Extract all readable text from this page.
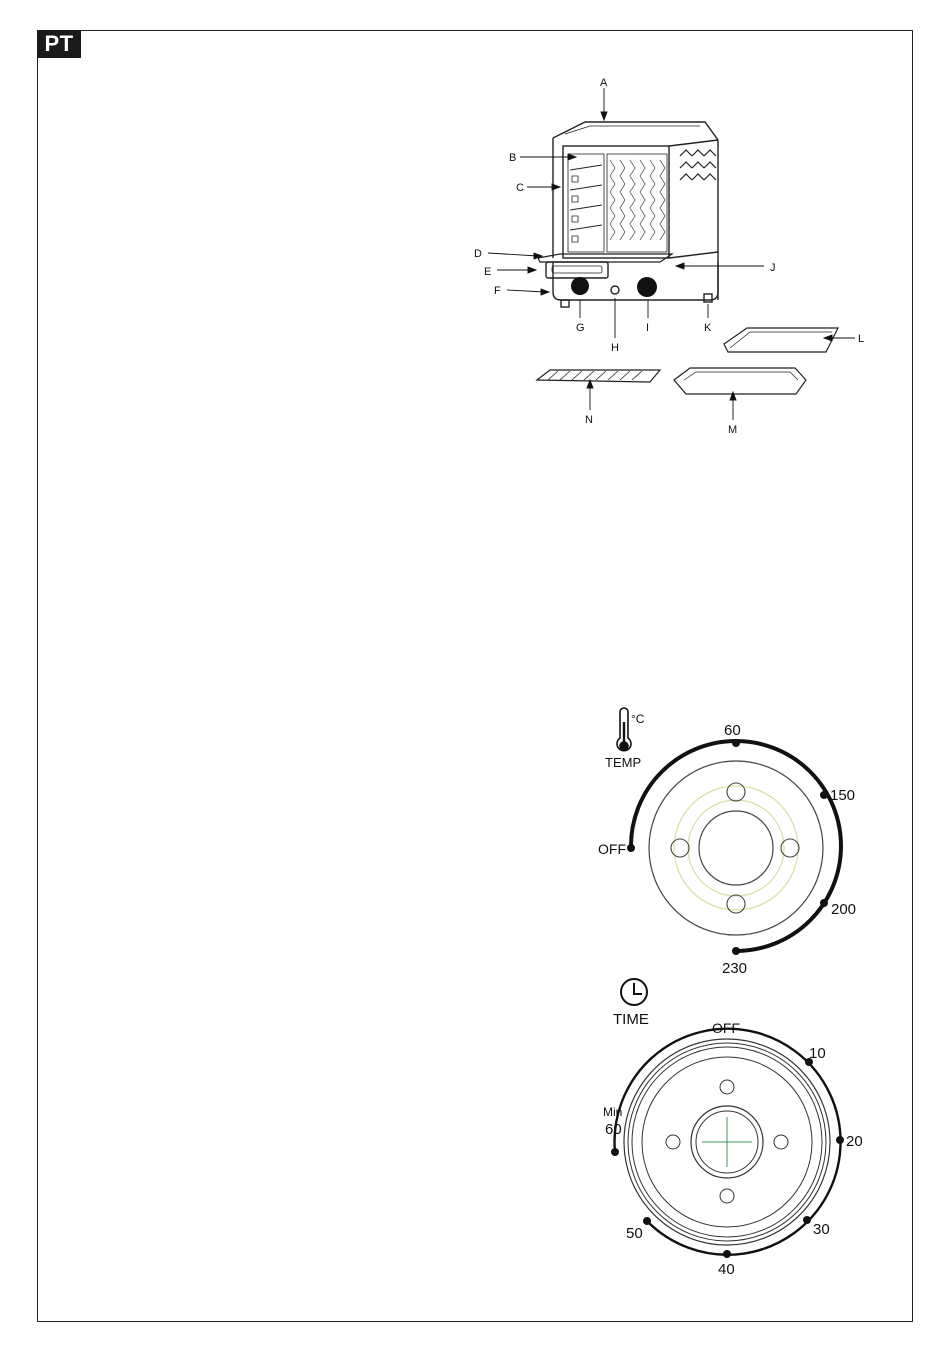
PT
A
B
C
D
E
F
G
H
I
J
K
L
M
N
°C
TEMP
OFF
60
150
200
230
TIME	OFF
10
20
30
40
50
60
Min
